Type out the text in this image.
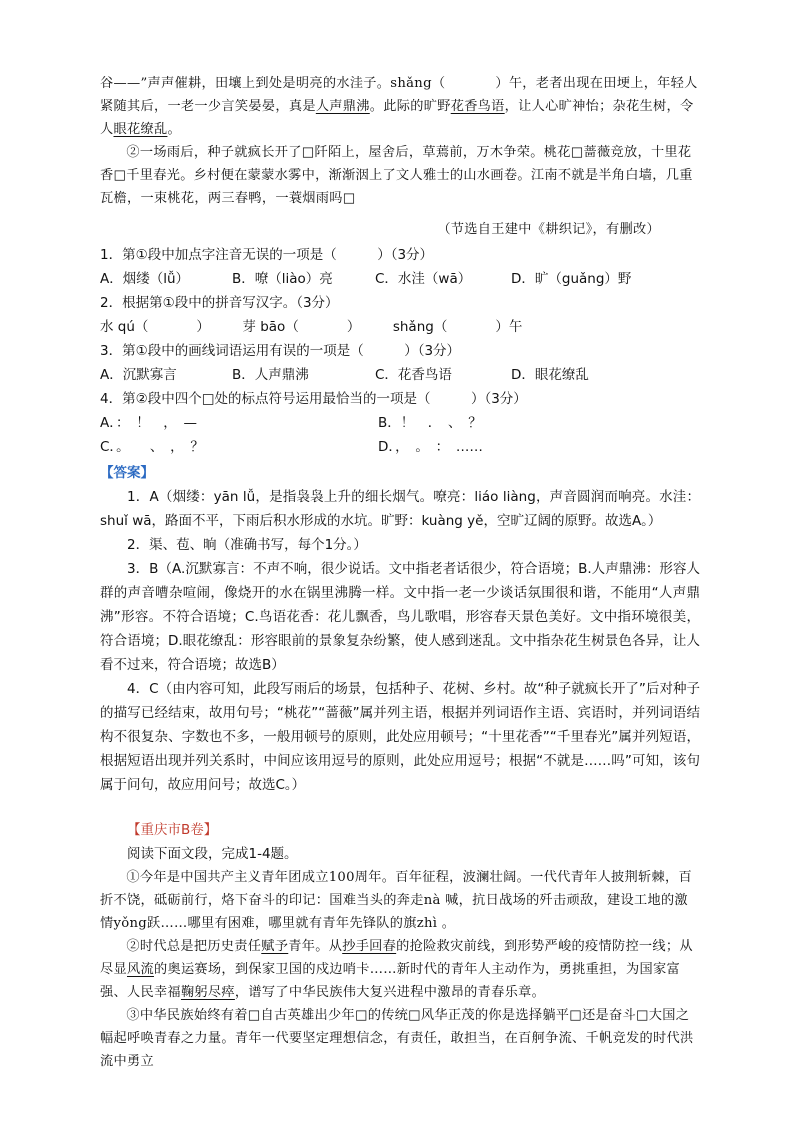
谷——”声声催耕，田壤上到处是明亮的水洼子。shǎng（	）午，老者出现在田埂上，年轻人紧随其后，一老一少言笑晏晏，真是人声鼎沸。此际的旷野花香鸟语，让人心旷神怡；杂花生树，令人眼花缭乱。

②一场雨后，种子就疯长开了□阡陌上，屋舍后，草蔫前，万木争荣。桃花□蔷薇竞放，十里花香□千里春光。乡村便在蒙蒙水雾中，渐渐洇上了文人雅士的山水画卷。江南不就是半角白墙，几重瓦檐，一束桃花，两三春鸭，一蓑烟雨吗□

（节选自王建中《耕织记》，有删改）

1．第①段中加点字注音无误的一项是（　　　）（3分）

A．烟缕（lǚ）	B．嘹（liào）亮	C．水洼（wā）	D．旷（guǎng）野

2．根据第①段中的拼音写汉字。（3分）

水 qú（	）	芽 bāo（	）	shǎng（	）午

3．第①段中的画线词语运用有误的一项是（　　　）（3分）

A．沉默寡言	B．人声鼎沸	C．花香鸟语	D．眼花缭乱

4．第②段中四个□处的标点符号运用最恰当的一项是（　　　）（3分）

A．：　！　，　—	B．！　．　、　？
C．。　　、　，　？	D．，　。　：　……

【答案】

1．A（烟缕：yān lǚ，是指袅袅上升的细长烟气。嘹亮：liáo liàng，声音圆润而响亮。水洼：shuǐ wā，路面不平，下雨后积水形成的水坑。旷野：kuàng yě，空旷辽阔的原野。故选A。）

2．渠、苞、晌（准确书写，每个1分。）

3．B（A.沉默寡言：不声不响，很少说话。文中指老者话很少，符合语境；B.人声鼎沸：形容人群的声音嘈杂喧闹，像烧开的水在锅里沸腾一样。文中指一老一少谈话氛围很和谐，不能用“人声鼎沸”形容。不符合语境；C.鸟语花香：花儿飘香，鸟儿歌唱，形容春天景色美好。文中指环境很美，符合语境；D.眼花缭乱：形容眼前的景象复杂纷繁，使人感到迷乱。文中指杂花生树景色各异，让人看不过来，符合语境；故选B）

4．C（由内容可知，此段写雨后的场景，包括种子、花树、乡村。故“种子就疯长开了”后对种子的描写已经结束，故用句号；“桃花”“蔷薇”属并列主语，根据并列词语作主语、宾语时，并列词语结构不很复杂、字数也不多，一般用顿号的原则，此处应用顿号；“十里花香”“千里春光”属并列短语，根据短语出现并列关系时，中间应该用逗号的原则，此处应用逗号；根据“不就是……吗”可知，该句属于问句，故应用问号；故选C。）

【重庆市B卷】

阅读下面文段，完成1-4题。

①今年是中国共产主义青年团成立100周年。百年征程，波澜壮阔。一代代青年人披荆斩棘，百折不饶，砥砺前行，烙下奋斗的印记：国难当头的奔走nà 喊，抗日战场的歼击顽敌，建设工地的激情yǒng跃……哪里有困难，哪里就有青年先锋队的旗zhì 。

②时代总是把历史责任赋予青年。从抄手回春的抢险救灾前线，到形势严峻的疫情防控一线；从尽显风流的奥运赛场，到保家卫国的戍边哨卡……新时代的青年人主动作为，勇挑重担，为国家富强、人民幸福鞠躬尽瘁，谱写了中华民族伟大复兴进程中激昂的青春乐章。

③中华民族始终有着□自古英雄出少年□的传统□风华正茂的你是选择躺平□还是奋斗□大国之幅起呼唤青春之力量。青年一代要坚定理想信念，有责任，敢担当，在百舸争流、千帆竞发的时代洪流中勇立
